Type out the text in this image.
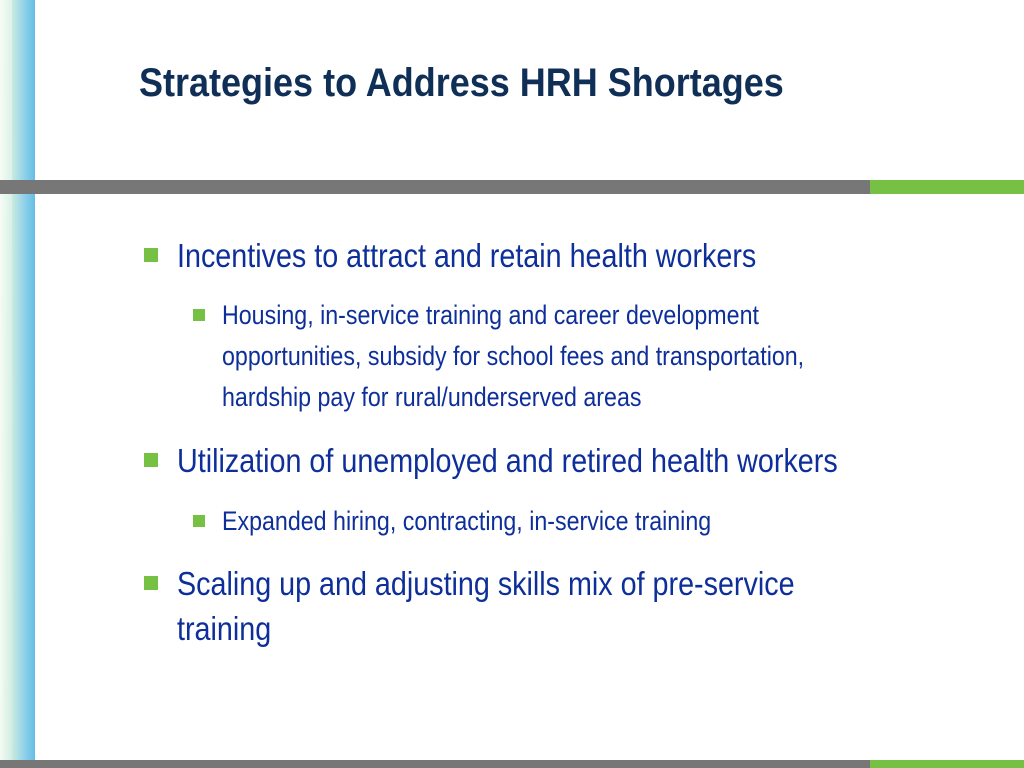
Strategies to Address HRH Shortages
Incentives to attract and retain health workers
Housing, in-service training and career development
opportunities, subsidy for school fees and transportation,
hardship pay for rural/underserved areas
Utilization of unemployed and retired health workers
Expanded hiring, contracting, in-service training
Scaling up and adjusting skills mix of pre-service
training
